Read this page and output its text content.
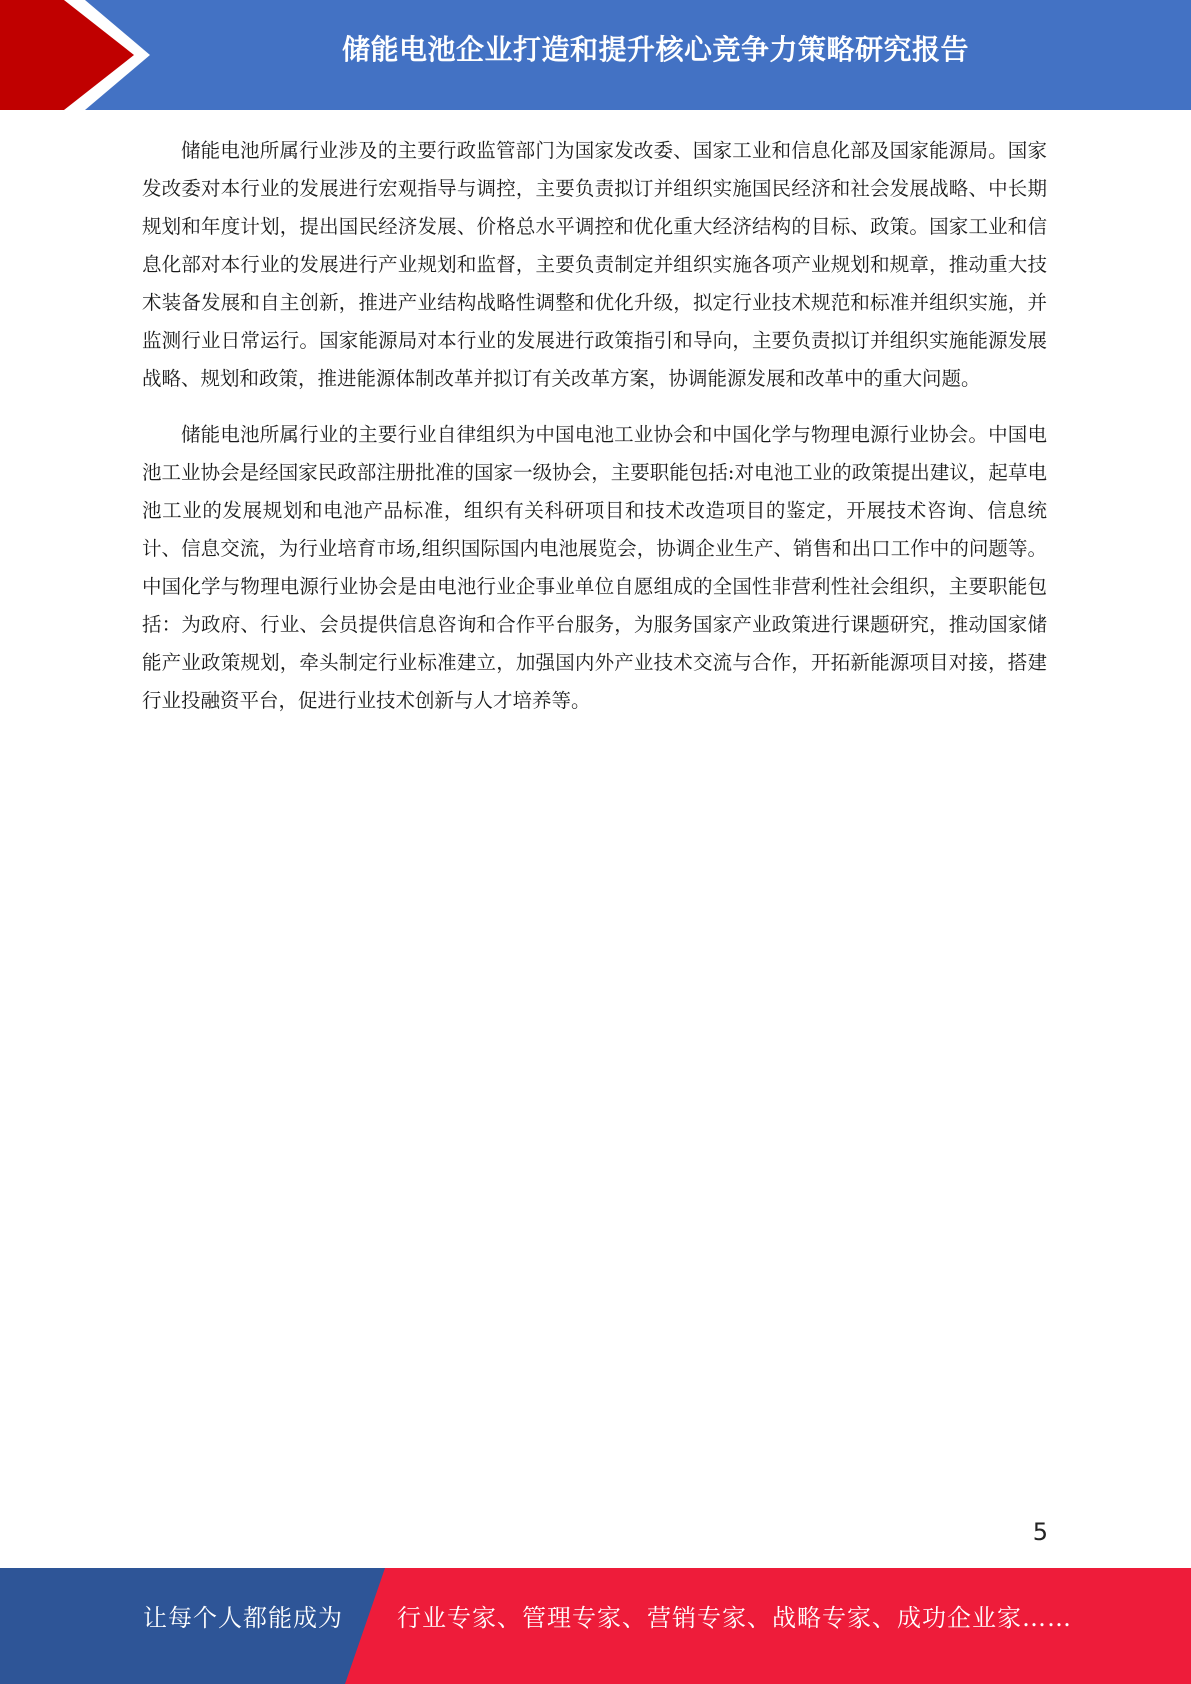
储能电池企业打造和提升核心竞争力策略研究报告

储能电池所属行业涉及的主要行政监管部门为国家发改委、国家工业和信息化部及国家能源局。国家发改委对本行业的发展进行宏观指导与调控，主要负责拟订并组织实施国民经济和社会发展战略、中长期规划和年度计划，提出国民经济发展、价格总水平调控和优化重大经济结构的目标、政策。国家工业和信息化部对本行业的发展进行产业规划和监督，主要负责制定并组织实施各项产业规划和规章，推动重大技术装备发展和自主创新，推进产业结构战略性调整和优化升级，拟定行业技术规范和标准并组织实施，并监测行业日常运行。国家能源局对本行业的发展进行政策指引和导向，主要负责拟订并组织实施能源发展战略、规划和政策，推进能源体制改革并拟订有关改革方案，协调能源发展和改革中的重大问题。

储能电池所属行业的主要行业自律组织为中国电池工业协会和中国化学与物理电源行业协会。中国电池工业协会是经国家民政部注册批准的国家一级协会，主要职能包括:对电池工业的政策提出建议，起草电池工业的发展规划和电池产品标准，组织有关科研项目和技术改造项目的鉴定，开展技术咨询、信息统计、信息交流，为行业培育市场,组织国际国内电池展览会，协调企业生产、销售和出口工作中的问题等。中国化学与物理电源行业协会是由电池行业企事业单位自愿组成的全国性非营利性社会组织，主要职能包括：为政府、行业、会员提供信息咨询和合作平台服务，为服务国家产业政策进行课题研究，推动国家储能产业政策规划，牵头制定行业标准建立，加强国内外产业技术交流与合作，开拓新能源项目对接，搭建行业投融资平台，促进行业技术创新与人才培养等。

5
让每个人都能成为 行业专家、管理专家、营销专家、战略专家、成功企业家……
